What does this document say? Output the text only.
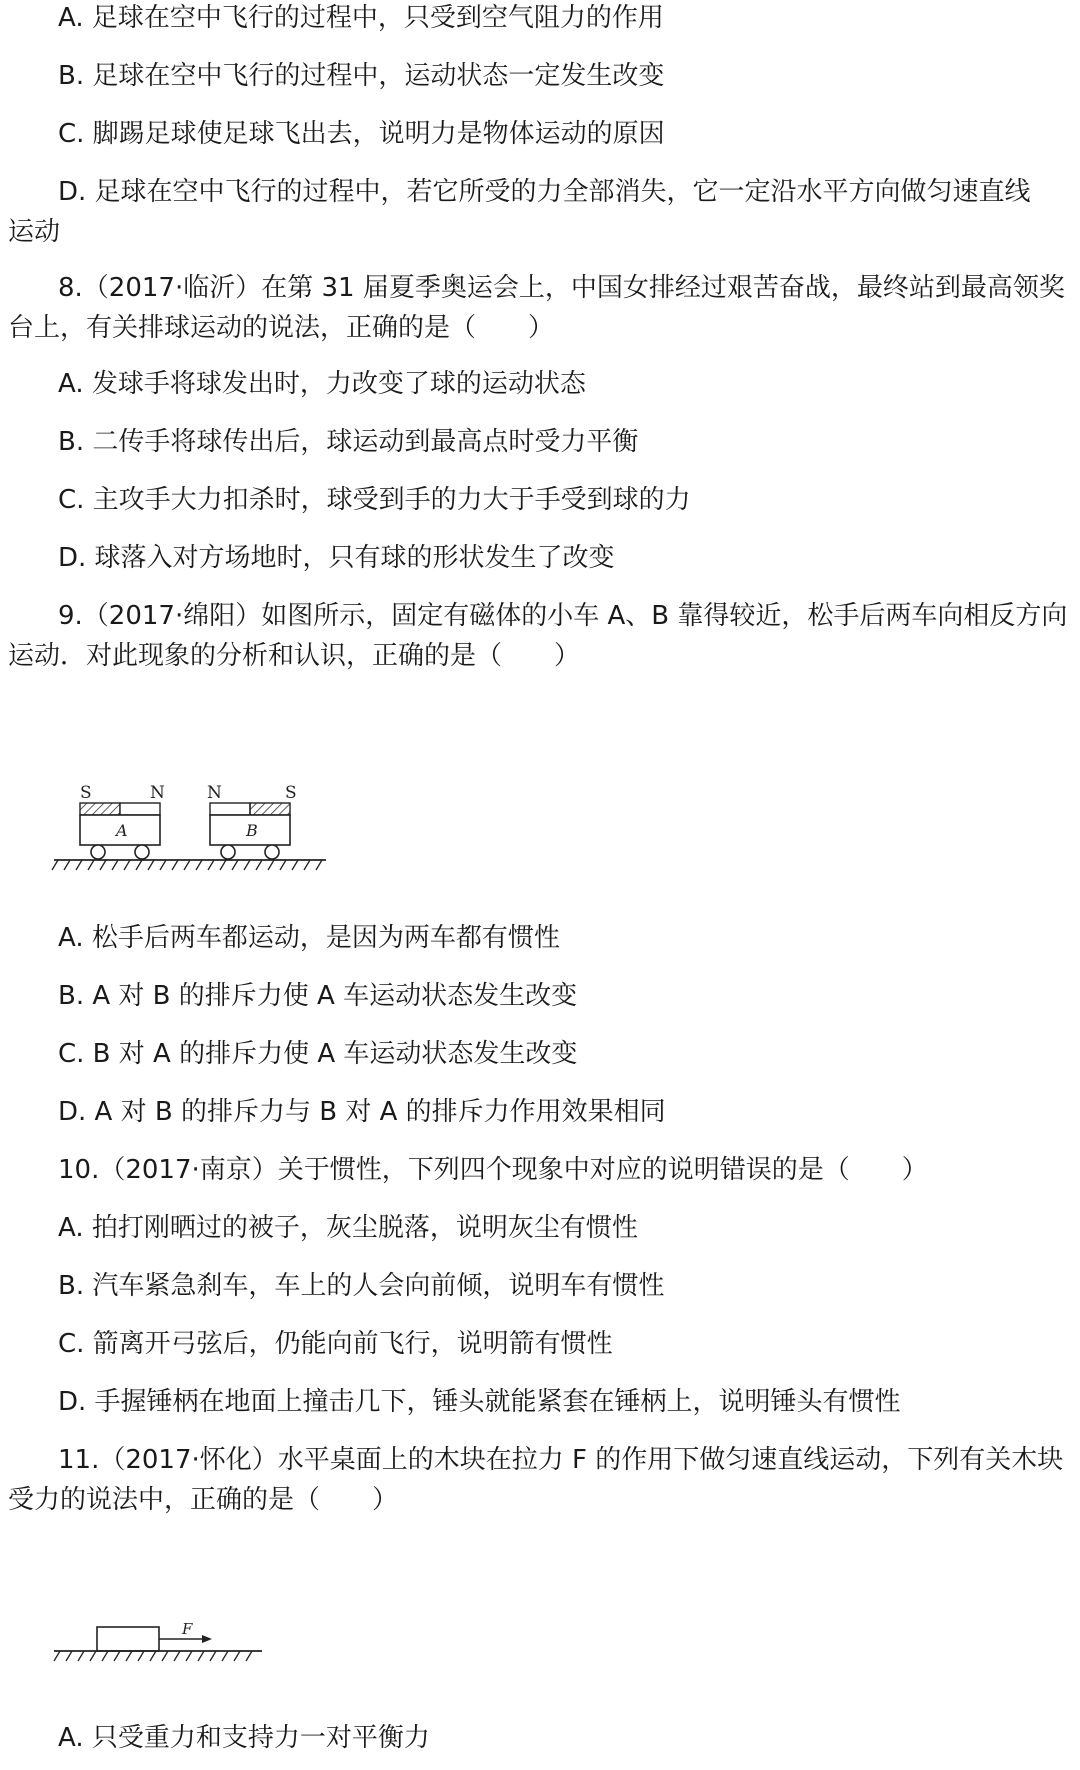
A. 足球在空中飞行的过程中，只受到空气阻力的作用
B. 足球在空中飞行的过程中，运动状态一定发生改变
C. 脚踢足球使足球飞出去，说明力是物体运动的原因
D. 足球在空中飞行的过程中，若它所受的力全部消失，它一定沿水平方向做匀速直线
运动
8.（2017·临沂）在第 31 届夏季奥运会上，中国女排经过艰苦奋战，最终站到最高领奖
台上，有关排球运动的说法，正确的是（　　）
A. 发球手将球发出时，力改变了球的运动状态
B. 二传手将球传出后，球运动到最高点时受力平衡
C. 主攻手大力扣杀时，球受到手的力大于手受到球的力
D. 球落入对方场地时，只有球的形状发生了改变
9.（2017·绵阳）如图所示，固定有磁体的小车 A、B 靠得较近，松手后两车向相反方向
运动．对此现象的分析和认识，正确的是（　　）
S	N N	S
A	B
A. 松手后两车都运动，是因为两车都有惯性
B. A 对 B 的排斥力使 A 车运动状态发生改变
C. B 对 A 的排斥力使 A 车运动状态发生改变
D. A 对 B 的排斥力与 B 对 A 的排斥力作用效果相同
10.（2017·南京）关于惯性，下列四个现象中对应的说明错误的是（　　）
A. 拍打刚晒过的被子，灰尘脱落，说明灰尘有惯性
B. 汽车紧急刹车，车上的人会向前倾，说明车有惯性
C. 箭离开弓弦后，仍能向前飞行，说明箭有惯性
D. 手握锤柄在地面上撞击几下，锤头就能紧套在锤柄上，说明锤头有惯性
11.（2017·怀化）水平桌面上的木块在拉力 F 的作用下做匀速直线运动，下列有关木块
受力的说法中，正确的是（　　）
F
A. 只受重力和支持力一对平衡力
